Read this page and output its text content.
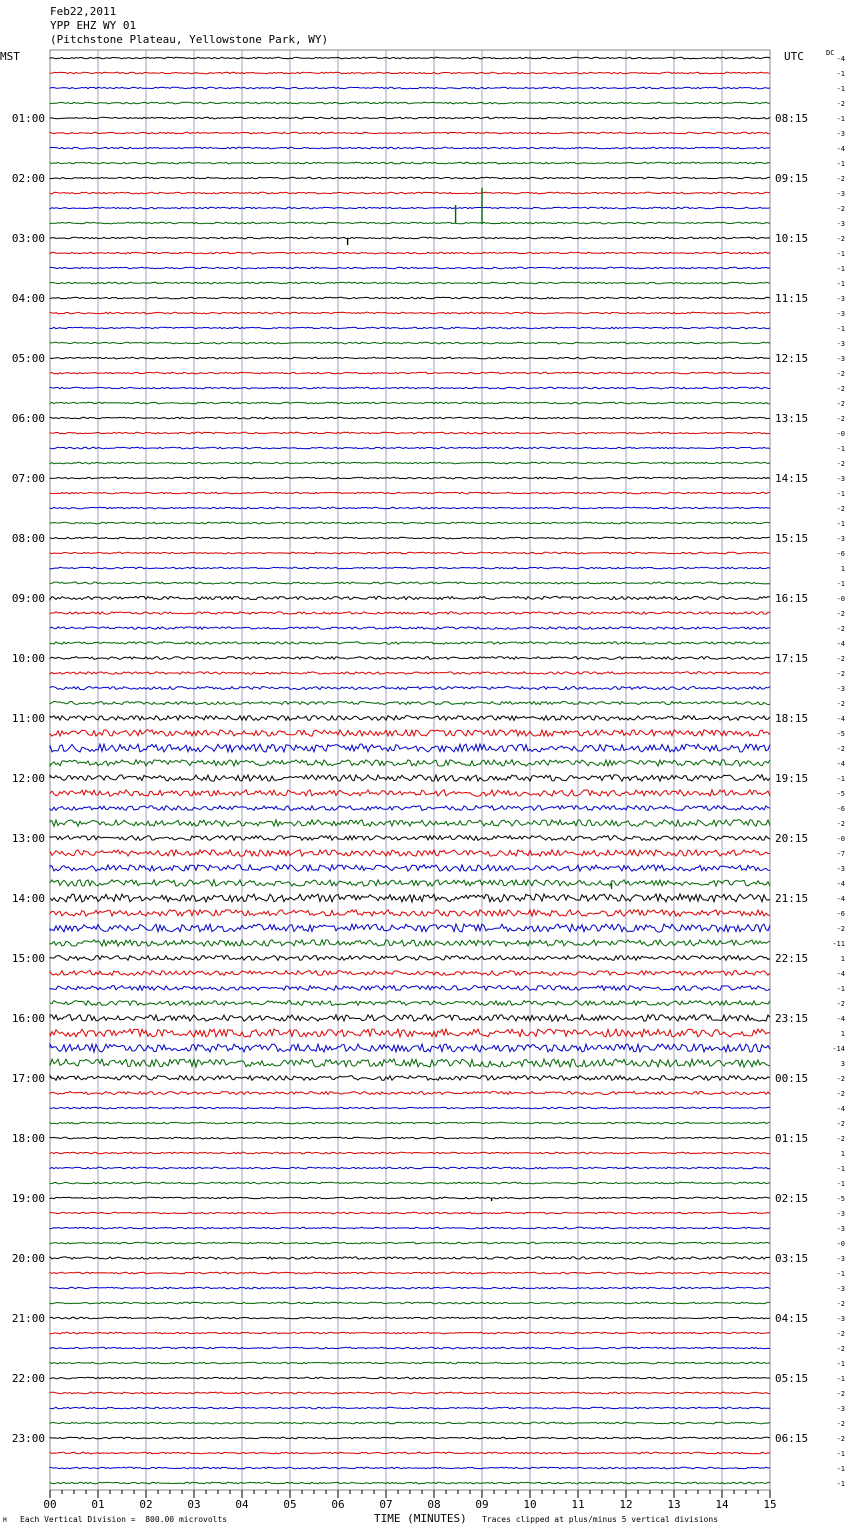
01:00
02:00
03:00
04:00
05:00
06:00
07:00
08:00
09:00
10:00
11:00
12:00
13:00
14:00
15:00
16:00
17:00
18:00
19:00
20:00
21:00
22:00
23:00
08:15
09:15
10:15
11:15
12:15
13:15
14:15
15:15
16:15
17:15
18:15
19:15
20:15
21:15
22:15
23:15
00:15
01:15
02:15
03:15
04:15
05:15
06:15
-4
-1
-1
-2
-1
-3
-4
-1
-2
-3
-2
-3
-2
-1
-1
-1
-3
-3
-1
-3
-3
-2
-2
-2
-2
-0
-1
-2
-3
-1
-2
-1
-3
-6
1
-1
-0
-2
-2
-4
-2
-2
-3
-2
-4
-5
-2
-4
-1
-5
-6
-2
-0
-7
-3
-4
-4
-6
-2
-11
1
-4
-1
-2
-4
1
-14
3
-2
-2
-4
-2
-2
1
-1
-1
-5
-3
-3
-0
-3
-1
-3
-2
-3
-2
-2
-1
-1
-2
-3
-2
-2
-1
-1
-1
00	01	02	03	04	05	06	07	08	09	10	11	12	13	14	15
Feb22,2011
YPP EHZ WY 01
(Pitchstone Plateau, Yellowstone Park, WY)
MST	UTC	DC
M Each Vertical Division =  800.00 microvolts	TIME (MINUTES) Traces clipped at plus/minus 5 vertical divisions
